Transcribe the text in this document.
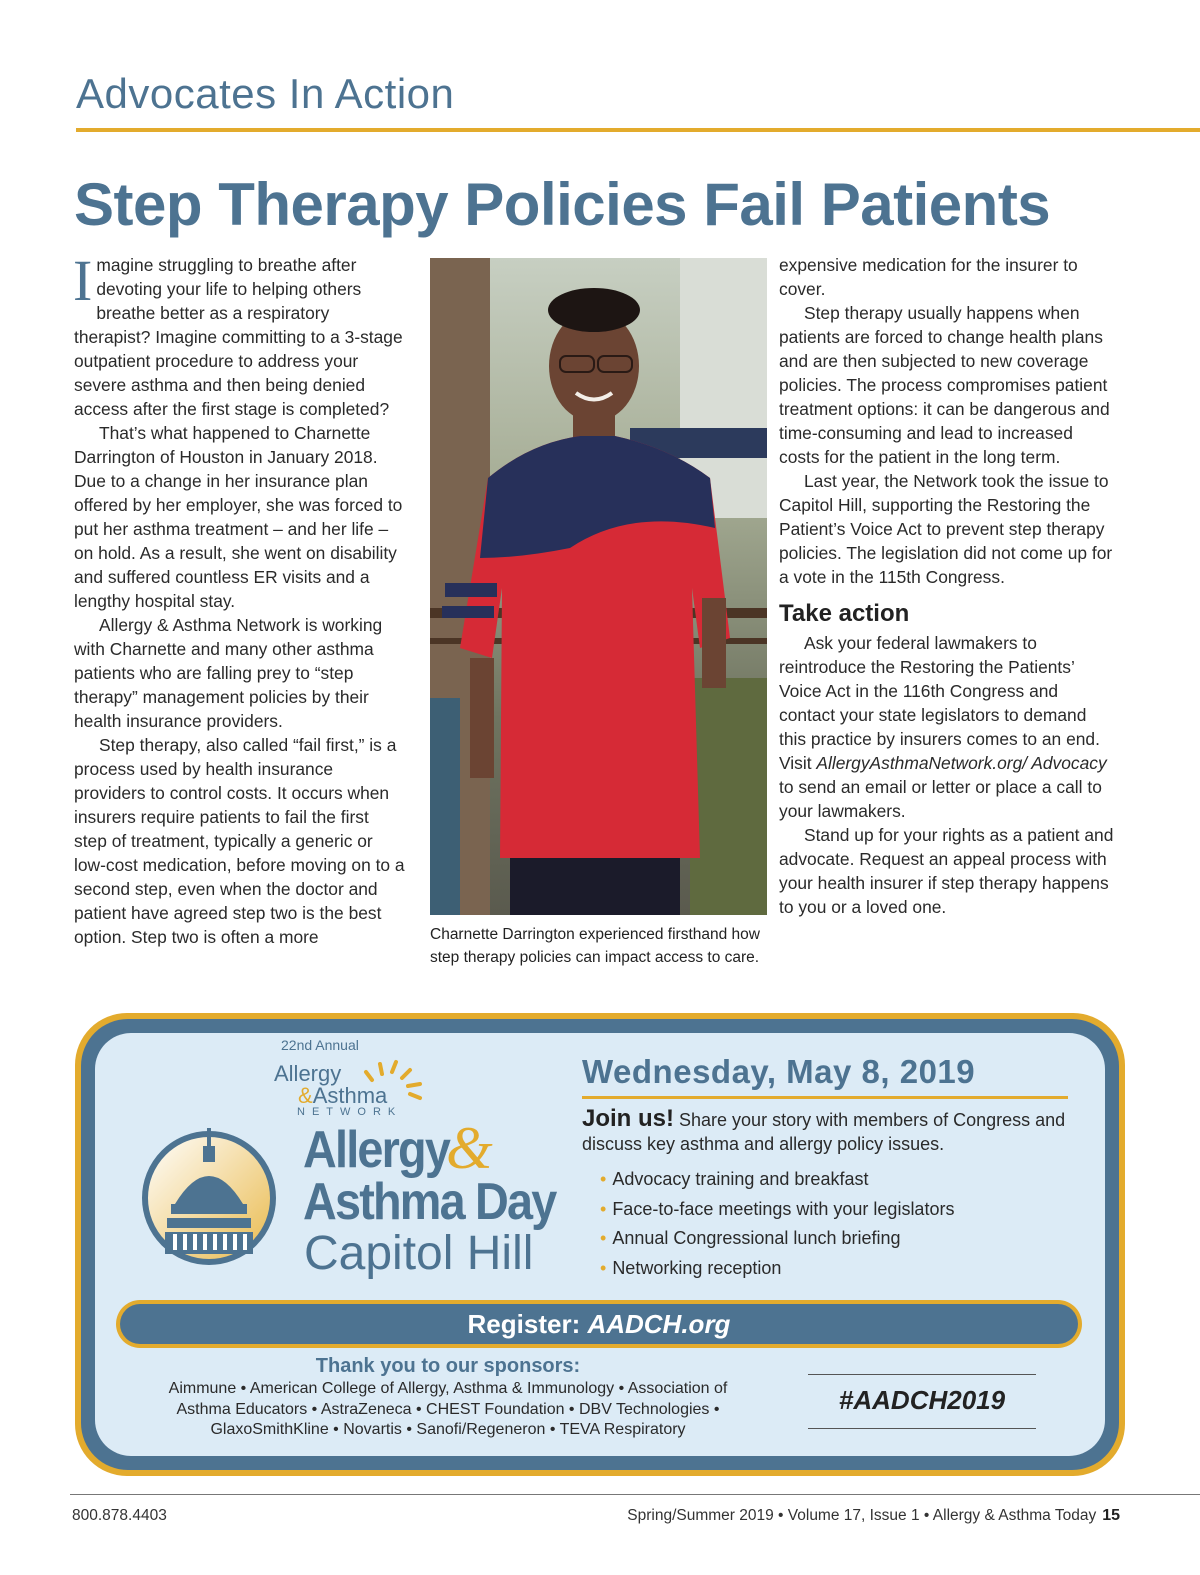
Advocates In Action
Step Therapy Policies Fail Patients

Imagine struggling to breathe after devoting your life to helping others breathe better as a respiratory therapist? Imagine committing to a 3-stage outpatient procedure to address your severe asthma and then being denied access after the first stage is completed?

That’s what happened to Charnette Darrington of Houston in January 2018. Due to a change in her insurance plan offered by her employer, she was forced to put her asthma treatment – and her life – on hold. As a result, she went on disability and suffered countless ER visits and a lengthy hospital stay.

Allergy & Asthma Network is working with Charnette and many other asthma patients who are falling prey to “step therapy” management policies by their health insurance providers.

Step therapy, also called “fail first,” is a process used by health insurance providers to control costs. It occurs when insurers require patients to fail the first step of treatment, typically a generic or low-cost medication, before moving on to a second step, even when the doctor and patient have agreed step two is the best option. Step two is often a more	Charnette Darrington experienced firsthand how step therapy policies can impact access to care.

expensive medication for the insurer to cover.

Step therapy usually happens when patients are forced to change health plans and are then subjected to new coverage policies. The process compromises patient treatment options: it can be dangerous and time-consuming and lead to increased costs for the patient in the long term.

Last year, the Network took the issue to Capitol Hill, supporting the Restoring the Patient’s Voice Act to prevent step therapy policies. The legislation did not come up for a vote in the 115th Congress.

Take action

Ask your federal lawmakers to reintroduce the Restoring the Patients’ Voice Act in the 116th Congress and contact your state legislators to demand this practice by insurers comes to an end. Visit AllergyAsthmaNetwork.org/ Advocacy to send an email or letter or place a call to your lawmakers.

Stand up for your rights as a patient and advocate. Request an appeal process with your health insurer if step therapy happens to you or a loved one.

22nd Annual
Allergy
&Asthma
NETWORK
Allergy
&
Asthma Day
Capitol Hill
Wednesday, May 8, 2019
Join us! Share your story with members of Congress and discuss key asthma and allergy policy issues.
• Advocacy training and breakfast
• Face-to-face meetings with your legislators
• Annual Congressional lunch briefing
• Networking reception
Register: AADCH.org
Thank you to our sponsors:
Aimmune • American College of Allergy, Asthma & Immunology • Association of Asthma Educators • AstraZeneca • CHEST Foundation • DBV Technologies • GlaxoSmithKline • Novartis • Sanofi/Regeneron • TEVA Respiratory
#AADCH2019
800.878.4403	Spring/Summer 2019 • Volume 17, Issue 1 • Allergy & Asthma Today 15
